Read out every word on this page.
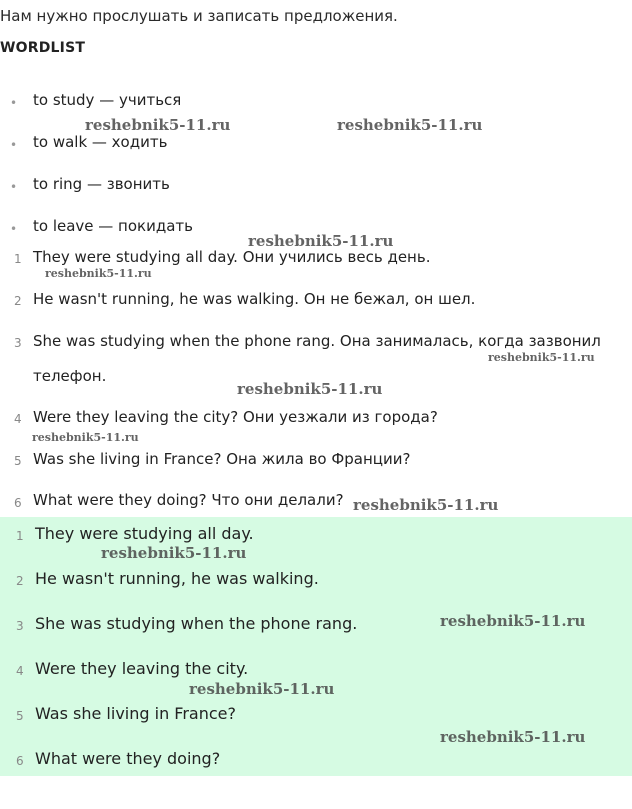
Нам нужно прослушать и записать предложения.
WORDLIST
•	to study — учиться
•	to walk — ходить
•	to ring — звонить
•	to leave — покидать
1 They were studying all day. Они учились весь день.
2 He wasn't running, he was walking. Он не бежал, он шел.
3 She was studying when the phone rang. Она занималась, когда зазвонил
телефон.
4 Were they leaving the city? Они уезжали из города?
5 Was she living in France? Она жила во Франции?
6 What were they doing? Что они делали?
1 They were studying all day.
2 He wasn't running, he was walking.
3 She was studying when the phone rang.
4 Were they leaving the city.
5 Was she living in France?
6 What were they doing?
reshebnik5-11.ru	reshebnik5-11.ru
reshebnik5-11.ru
reshebnik5-11.ru
reshebnik5-11.ru
reshebnik5-11.ru
reshebnik5-11.ru
reshebnik5-11.ru
reshebnik5-11.ru
reshebnik5-11.ru
reshebnik5-11.ru
reshebnik5-11.ru
